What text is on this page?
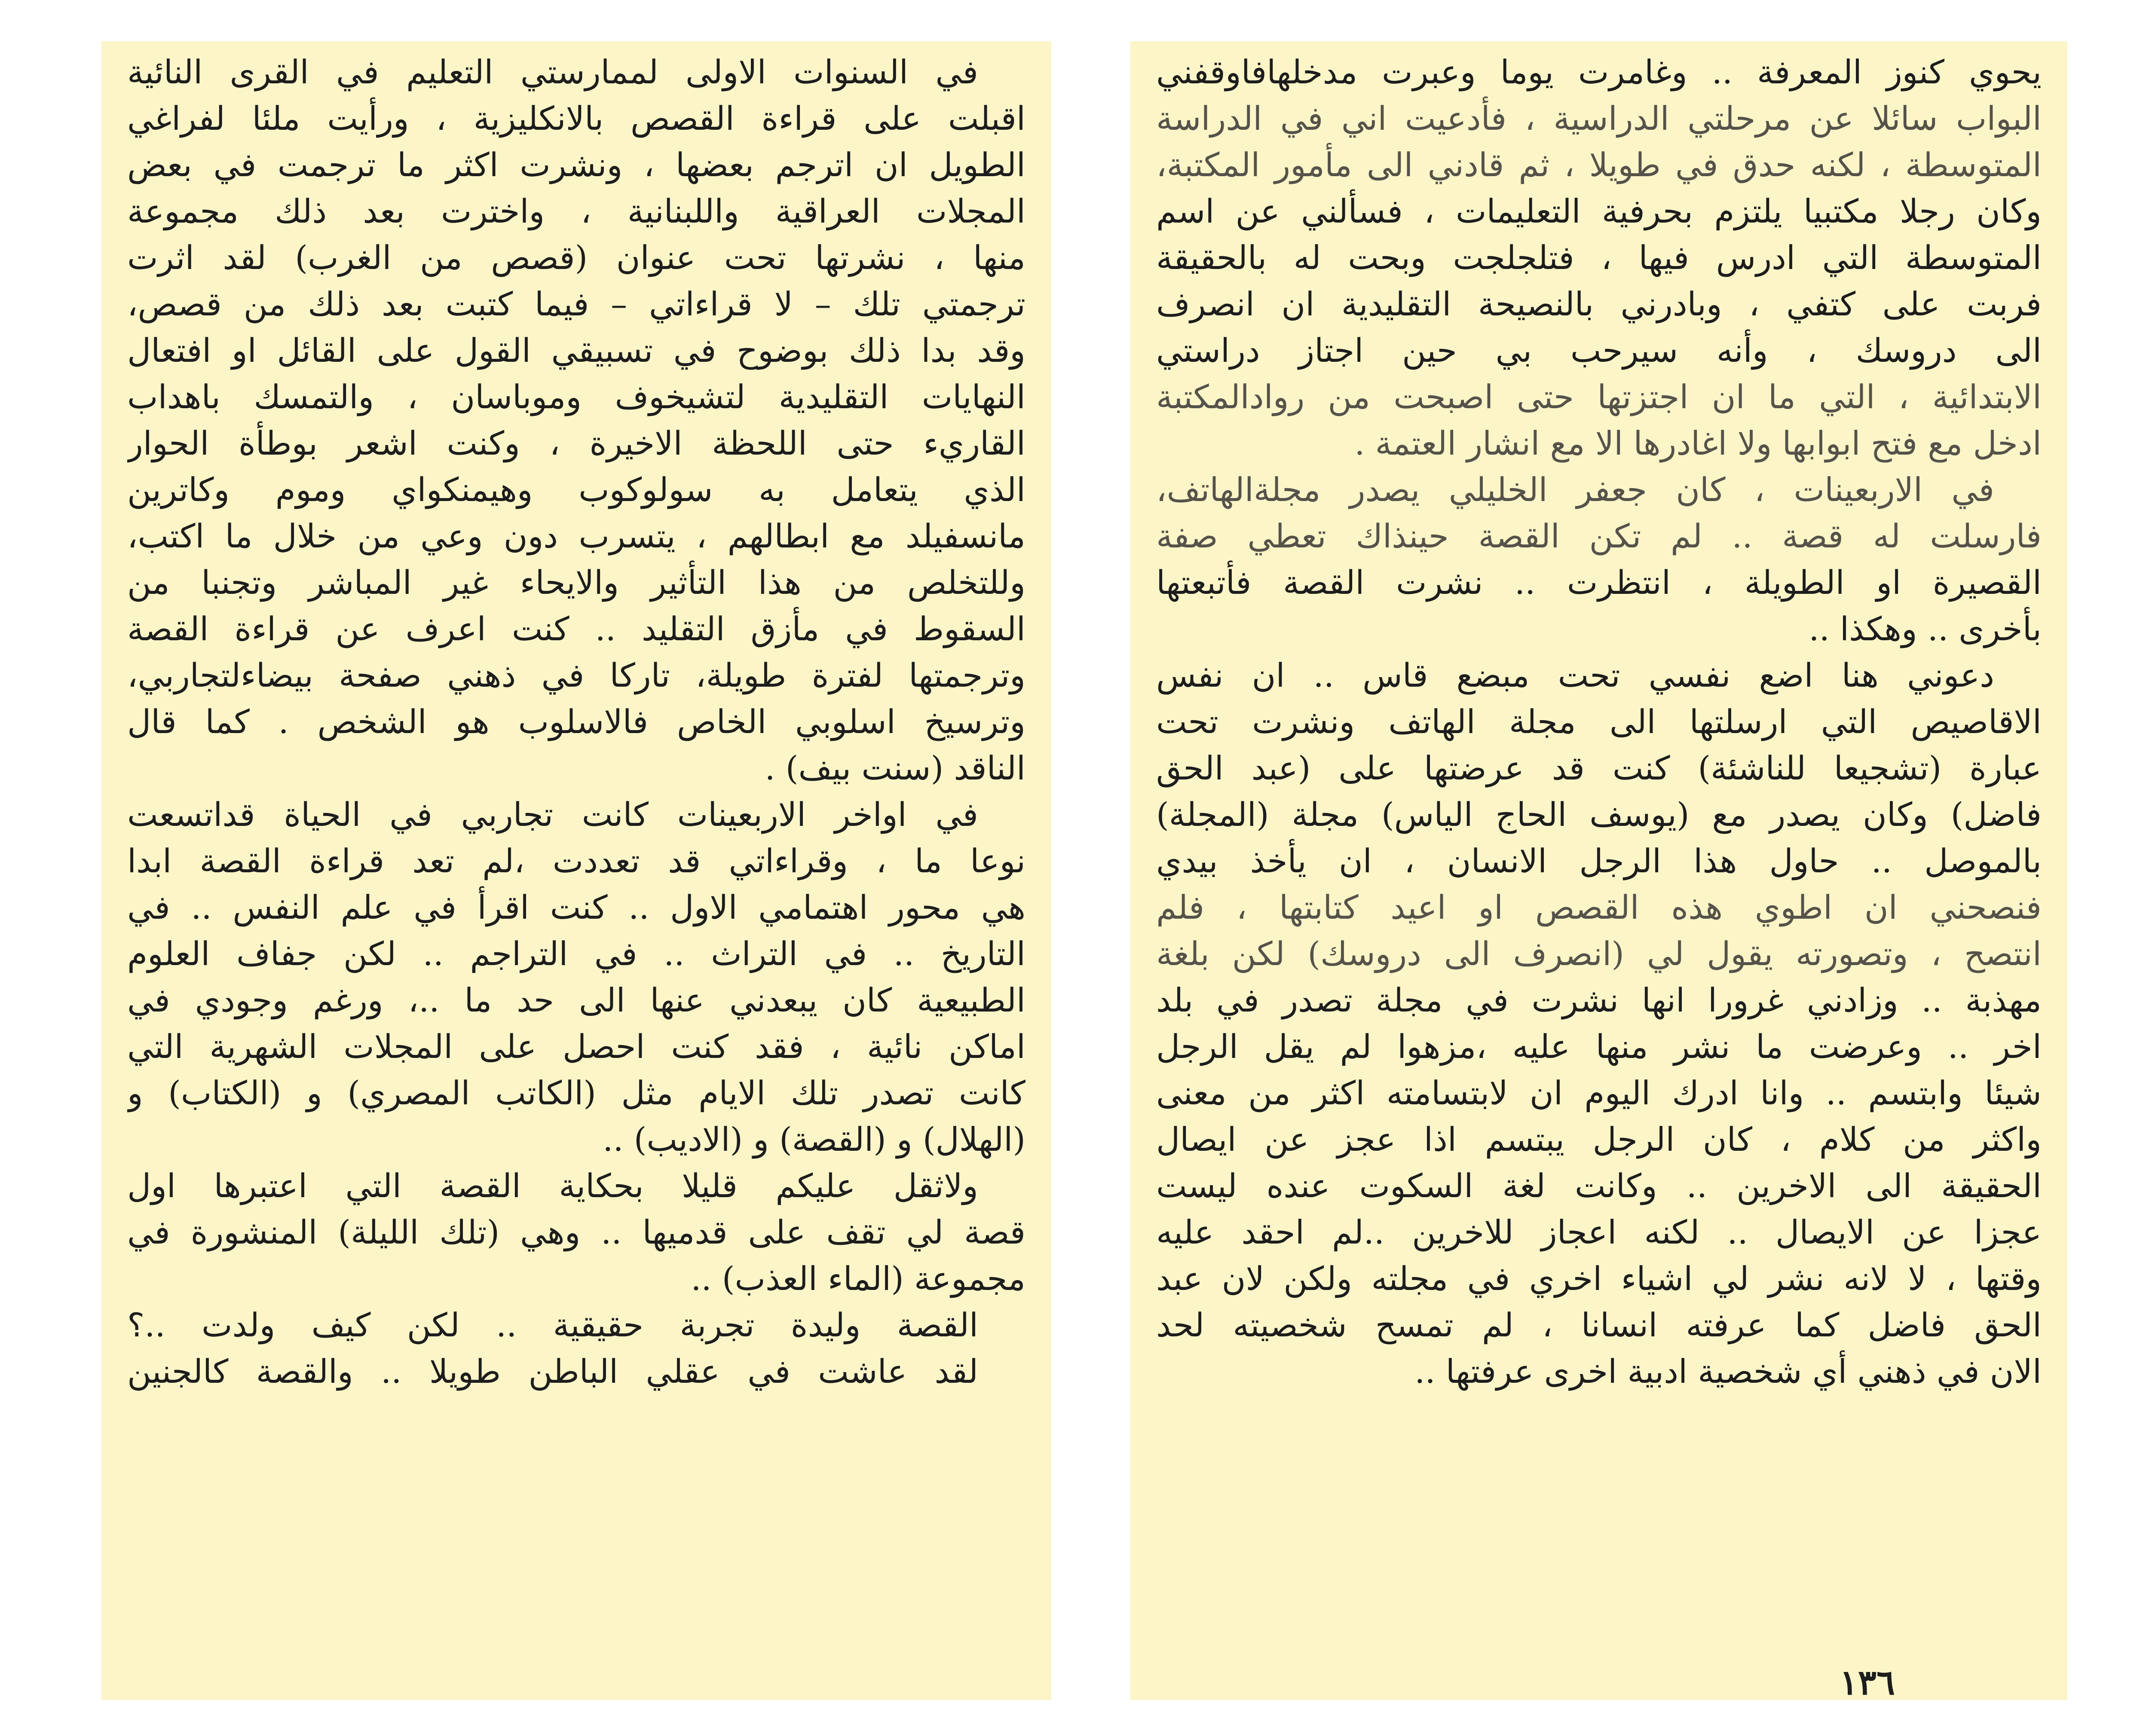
يحوي كنوز المعرفة .. وغامرت يوما وعبرت مدخلهافاوقفني
البواب سائلا عن مرحلتي الدراسية ، فأدعيت اني في الدراسة
المتوسطة ، لكنه حدق في طويلا ، ثم قادني الى مأمور المكتبة،
وكان رجلا مكتبيا يلتزم بحرفية التعليمات ، فسألني عن اسم
المتوسطة التي ادرس فيها ، فتلجلجت وبحت له بالحقيقة
فربت على كتفي ، وبادرني بالنصيحة التقليدية ان انصرف
الى دروسك ، وأنه سيرحب بي حين اجتاز دراستي
الابتدائية ، التي ما ان اجتزتها حتى اصبحت من روادالمكتبة
ادخل مع فتح ابوابها ولا اغادرها الا مع انشار العتمة .
في الاربعينات ، كان جعفر الخليلي يصدر مجلةالهاتف،
فارسلت له قصة .. لم تكن القصة حينذاك تعطي صفة
القصيرة او الطويلة ، انتظرت .. نشرت القصة فأتبعتها
بأخرى .. وهكذا ..
دعوني هنا اضع نفسي تحت مبضع قاس .. ان نفس
الاقاصيص التي ارسلتها الى مجلة الهاتف ونشرت تحت
عبارة (تشجيعا للناشئة) كنت قد عرضتها على (عبد الحق
فاضل) وكان يصدر مع (يوسف الحاج الياس) مجلة (المجلة)
بالموصل .. حاول هذا الرجل الانسان ، ان يأخذ بيدي
فنصحني ان اطوي هذه القصص او اعيد كتابتها ، فلم
انتصح ، وتصورته يقول لي (انصرف الى دروسك) لكن بلغة
مهذبة .. وزادني غرورا انها نشرت في مجلة تصدر في بلد
اخر .. وعرضت ما نشر منها عليه ،مزهوا لم يقل الرجل
شيئا وابتسم .. وانا ادرك اليوم ان لابتسامته اكثر من معنى
واكثر من كلام ، كان الرجل يبتسم اذا عجز عن ايصال
الحقيقة الى الاخرين .. وكانت لغة السكوت عنده ليست
عجزا عن الايصال .. لكنه اعجاز للاخرين ..لم احقد عليه
وقتها ، لا لانه نشر لي اشياء اخري في مجلته ولكن لان عبد
الحق فاضل كما عرفته انسانا ، لم تمسح شخصيته لحد
الان في ذهني أي شخصية ادبية اخرى عرفتها ..
في السنوات الاولى لممارستي التعليم في القرى النائية
اقبلت على قراءة القصص بالانكليزية ، ورأيت ملئا لفراغي
الطويل ان اترجم بعضها ، ونشرت اكثر ما ترجمت في بعض
المجلات العراقية واللبنانية ، واخترت بعد ذلك مجموعة
منها ، نشرتها تحت عنوان (قصص من الغرب) لقد اثرت
ترجمتي تلك – لا قراءاتي – فيما كتبت بعد ذلك من قصص،
وقد بدا ذلك بوضوح في تسبيقي القول على القائل او افتعال
النهايات التقليدية لتشيخوف وموباسان ، والتمسك باهداب
القاريء حتى اللحظة الاخيرة ، وكنت اشعر بوطأة الحوار
الذي يتعامل به سولوكوب وهيمنكواي وموم وكاترين
مانسفيلد مع ابطالهم ، يتسرب دون وعي من خلال ما اكتب،
وللتخلص من هذا التأثير والايحاء غير المباشر وتجنبا من
السقوط في مأزق التقليد .. كنت اعرف عن قراءة القصة
وترجمتها لفترة طويلة، تاركا في ذهني صفحة بيضاءلتجاربي،
وترسيخ اسلوبي الخاص فالاسلوب هو الشخص . كما قال
الناقد (سنت بيف) .
في اواخر الاربعينات كانت تجاربي في الحياة قداتسعت
نوعا ما ، وقراءاتي قد تعددت ،لم تعد قراءة القصة ابدا
هي محور اهتمامي الاول .. كنت اقرأ في علم النفس .. في
التاريخ .. في التراث .. في التراجم .. لكن جفاف العلوم
الطبيعية كان يبعدني عنها الى حد ما ..، ورغم وجودي في
اماكن نائية ، فقد كنت احصل على المجلات الشهرية التي
كانت تصدر تلك الايام مثل (الكاتب المصري) و (الكتاب) و
(الهلال) و (القصة) و (الاديب) ..
ولاثقل عليكم قليلا بحكاية القصة التي اعتبرها اول
قصة لي تقف على قدميها .. وهي (تلك الليلة) المنشورة في
مجموعة (الماء العذب) ..
القصة وليدة تجربة حقيقية .. لكن كيف ولدت ..؟
لقد عاشت في عقلي الباطن طويلا .. والقصة كالجنين
١٣٦
